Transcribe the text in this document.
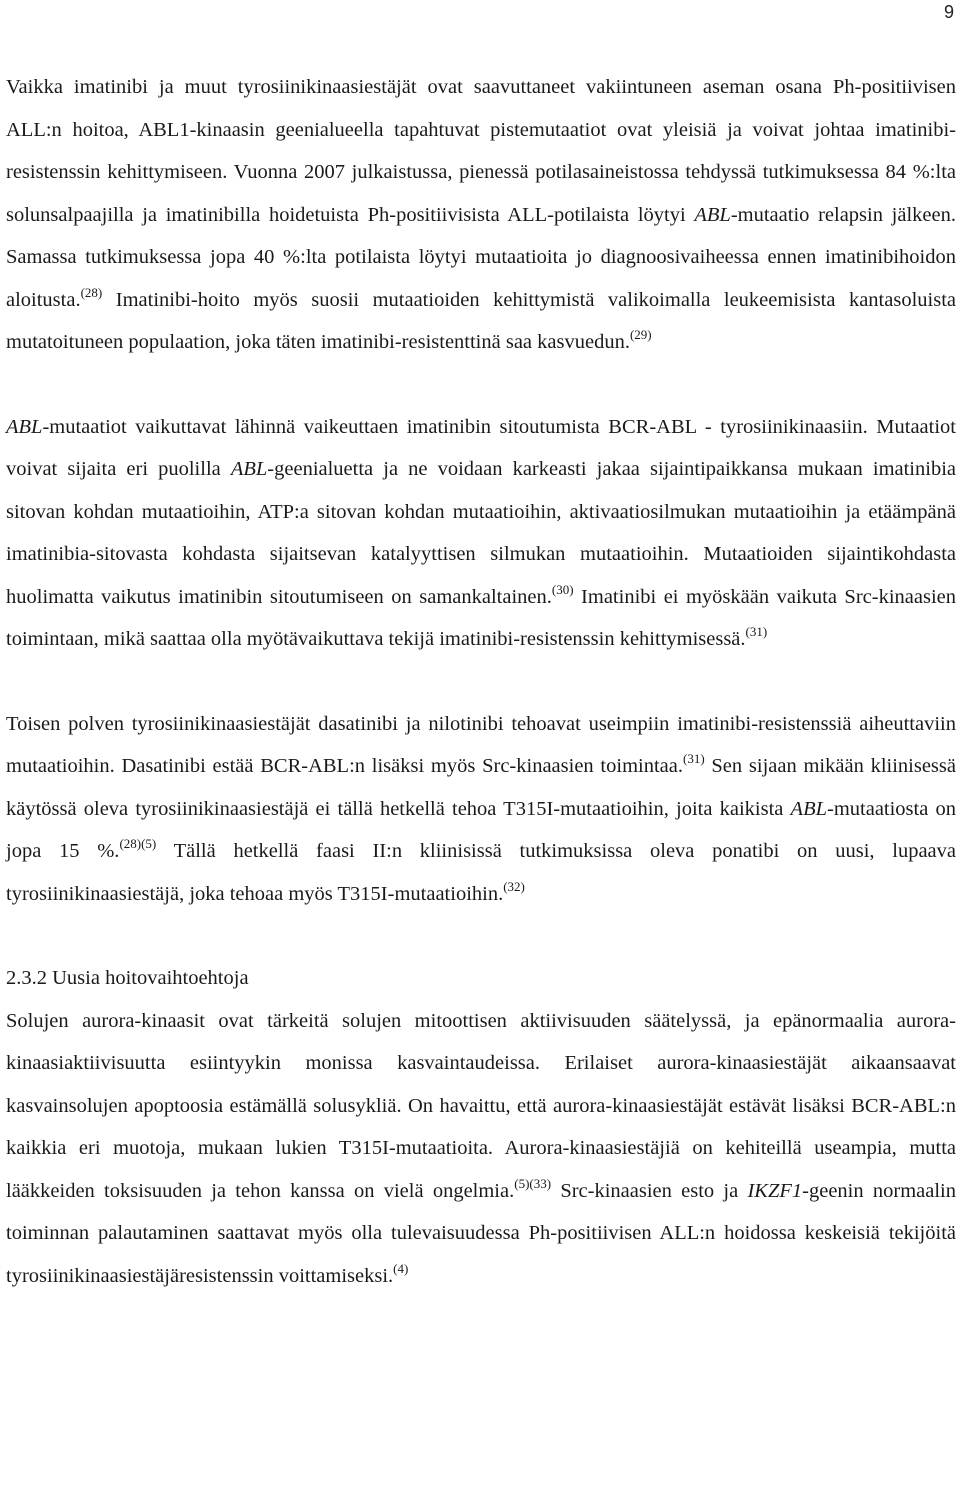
9

Vaikka imatinibi ja muut tyrosiinikinaasiestäjät ovat saavuttaneet vakiintuneen aseman osana Ph-positiivisen ALL:n hoitoa, ABL1-kinaasin geenialueella tapahtuvat pistemutaatiot ovat yleisiä ja voivat johtaa imatinibi-resistenssin kehittymiseen. Vuonna 2007 julkaistussa, pienessä potilasaineistossa tehdyssä tutkimuksessa 84 %:lta solunsalpaajilla ja imatinibilla hoidetuista Ph-positiivisista ALL-potilaista löytyi ABL-mutaatio relapsin jälkeen. Samassa tutkimuksessa jopa 40 %:lta potilaista löytyi mutaatioita jo diagnoosivaiheessa ennen imatinibihoidon aloitusta.$^{(28)}$ Imatinibi-hoito myös suosii mutaatioiden kehittymistä valikoimalla leukeemisista kantasoluista mutatoituneen populaation, joka täten imatinibi-resistenttinä saa kasvuedun.$^{(29)}$

ABL-mutaatiot vaikuttavat lähinnä vaikeuttaen imatinibin sitoutumista BCR-ABL - tyrosiinikinaasiin. Mutaatiot voivat sijaita eri puolilla ABL-geenialuetta ja ne voidaan karkeasti jakaa sijaintipaikkansa mukaan imatinibia sitovan kohdan mutaatioihin, ATP:a sitovan kohdan mutaatioihin, aktivaatiosilmukan mutaatioihin ja etäämpänä imatinibia-sitovasta kohdasta sijaitsevan katalyyttisen silmukan mutaatioihin. Mutaatioiden sijaintikohdasta huolimatta vaikutus imatinibin sitoutumiseen on samankaltainen.$^{(30)}$ Imatinibi ei myöskään vaikuta Src-kinaasien toimintaan, mikä saattaa olla myötävaikuttava tekijä imatinibi-resistenssin kehittymisessä.$^{(31)}$

Toisen polven tyrosiinikinaasiestäjät dasatinibi ja nilotinibi tehoavat useimpiin imatinibi-resistenssiä aiheuttaviin mutaatioihin. Dasatinibi estää BCR-ABL:n lisäksi myös Src-kinaasien toimintaa.$^{(31)}$ Sen sijaan mikään kliinisessä käytössä oleva tyrosiinikinaasiestäjä ei tällä hetkellä tehoa T315I-mutaatioihin, joita kaikista ABL-mutaatiosta on jopa 15 %.$^{(28)(5)}$ Tällä hetkellä faasi II:n kliinisissä tutkimuksissa oleva ponatibi on uusi, lupaava tyrosiinikinaasiestäjä, joka tehoaa myös T315I-mutaatioihin.$^{(32)}$

2.3.2 Uusia hoitovaihtoehtoja

Solujen aurora-kinaasit ovat tärkeitä solujen mitoottisen aktiivisuuden säätelyssä, ja epänormaalia aurora-kinaasiaktiivisuutta esiintyykin monissa kasvaintaudeissa. Erilaiset aurora-kinaasiestäjät aikaansaavat kasvainsolujen apoptoosia estämällä solusykliä. On havaittu, että aurora-kinaasiestäjät estävät lisäksi BCR-ABL:n kaikkia eri muotoja, mukaan lukien T315I-mutaatioita. Aurora-kinaasiestäjiä on kehiteillä useampia, mutta lääkkeiden toksisuuden ja tehon kanssa on vielä ongelmia.$^{(5)(33)}$ Src-kinaasien esto ja IKZF1-geenin normaalin toiminnan palautaminen saattavat myös olla tulevaisuudessa Ph-positiivisen ALL:n hoidossa keskeisiä tekijöitä tyrosiinikinaasiestäjäresistenssin voittamiseksi.$^{(4)}$
